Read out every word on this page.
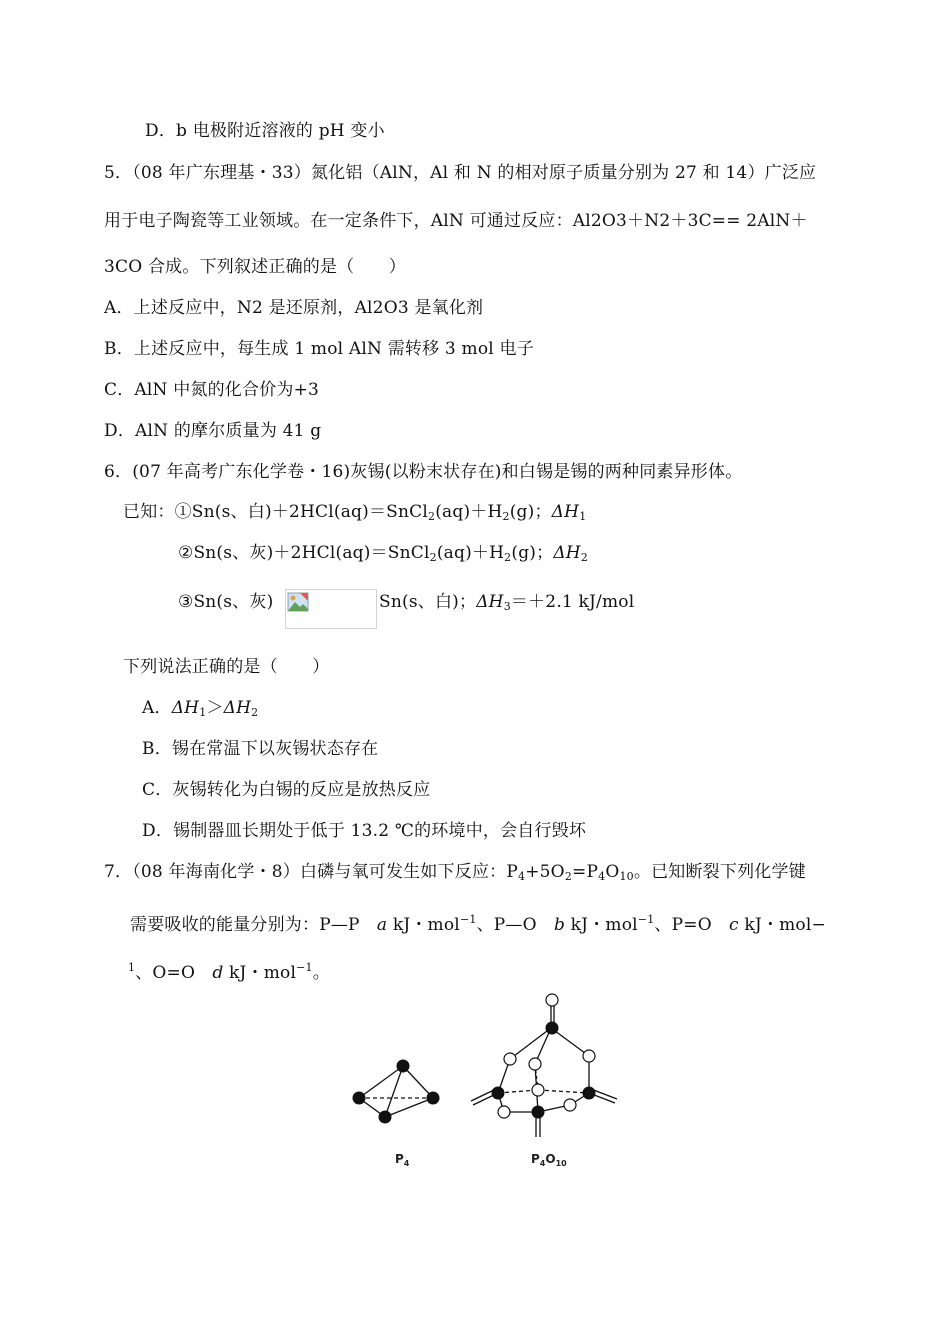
D．b 电极附近溶液的 pH 变小
5．（08 年广东理基・33）氮化铝（AlN，Al 和 N 的相对原子质量分别为 27 和 14）广泛应
用于电子陶瓷等工业领域。在一定条件下，AlN 可通过反应：Al2O3＋N2＋3C== 2AlN＋
3CO 合成。下列叙述正确的是（　　）
A．上述反应中，N2 是还原剂，Al2O3 是氧化剂
B．上述反应中，每生成 1 mol AlN 需转移 3 mol 电子
C．AlN 中氮的化合价为+3
D．AlN 的摩尔质量为 41 g
6．(07 年高考广东化学卷・16)灰锡(以粉末状存在)和白锡是锡的两种同素异形体。
已知：①Sn(s、白)$+2HCl(aq)=SnCl_2(aq)+H_2(g)$；$\Delta H_1$
②Sn(s、灰)$+2HCl(aq)=SnCl_2(aq)+H_2(g)$；$\Delta H_2$
③Sn(s、灰)	Sn(s、白)；$\Delta H_3=+2.1$ kJ/mol
下列说法正确的是（　　）
A．$\Delta H_1>\Delta H_2$
B．锡在常温下以灰锡状态存在
C．灰锡转化为白锡的反应是放热反应
D．锡制器皿长期处于低于 13.2 ℃的环境中，会自行毁坏
7．（08 年海南化学・8）白磷与氧可发生如下反应：$P_4+5O_2=P_4O_{10}$。已知断裂下列化学键
需要吸收的能量分别为：P—P　a kJ・mol$^{-1}$、P—O　b kJ・mol$^{-1}$、P=O　c kJ・mol−
$^1$、O=O　d kJ・mol$^{-1}$。
$P_4$	$P_4O_{10}$
